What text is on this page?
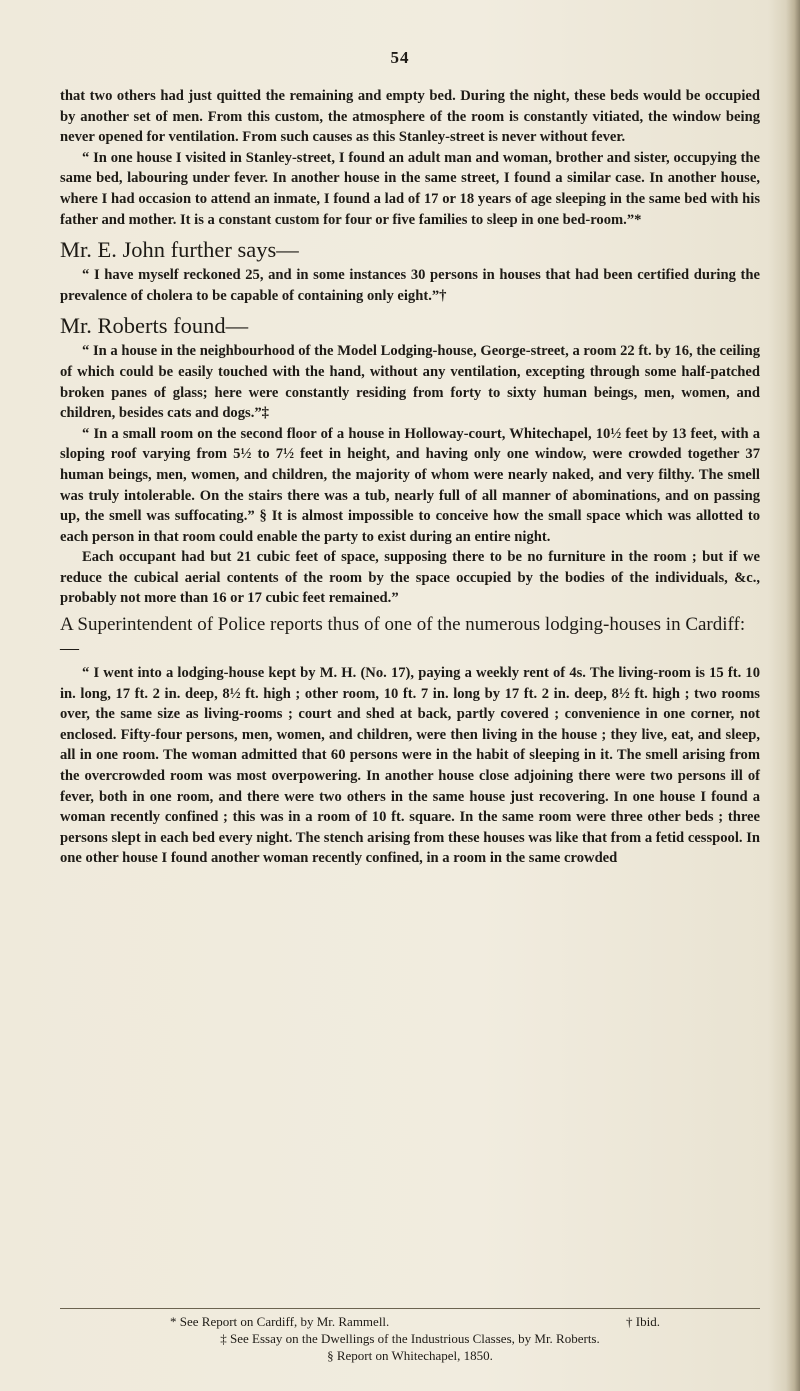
54

that two others had just quitted the remaining and empty bed. During the night, these beds would be occupied by another set of men. From this custom, the atmosphere of the room is constantly vitiated, the window being never opened for ventilation. From such causes as this Stanley-street is never without fever.

“ In one house I visited in Stanley-street, I found an adult man and woman, brother and sister, occupying the same bed, labouring under fever. In another house in the same street, I found a similar case. In another house, where I had occasion to attend an inmate, I found a lad of 17 or 18 years of age sleeping in the same bed with his father and mother. It is a constant custom for four or five families to sleep in one bed-room.”*

Mr. E. John further says—

“ I have myself reckoned 25, and in some instances 30 persons in houses that had been certified during the prevalence of cholera to be capable of containing only eight.”†

Mr. Roberts found—

“ In a house in the neighbourhood of the Model Lodging-house, George-street, a room 22 ft. by 16, the ceiling of which could be easily touched with the hand, without any ventilation, excepting through some half-patched broken panes of glass; here were constantly residing from forty to sixty human beings, men, women, and children, besides cats and dogs.”‡

“ In a small room on the second floor of a house in Holloway-court, Whitechapel, 10½ feet by 13 feet, with a sloping roof varying from 5½ to 7½ feet in height, and having only one window, were crowded together 37 human beings, men, women, and children, the majority of whom were nearly naked, and very filthy. The smell was truly intolerable. On the stairs there was a tub, nearly full of all manner of abominations, and on passing up, the smell was suffocating.” § It is almost impossible to conceive how the small space which was allotted to each person in that room could enable the party to exist during an entire night.

Each occupant had but 21 cubic feet of space, supposing there to be no furniture in the room ; but if we reduce the cubical aerial contents of the room by the space occupied by the bodies of the individuals, &c., probably not more than 16 or 17 cubic feet remained.”

A Superintendent of Police reports thus of one of the numerous lodging-houses in Cardiff:—

“ I went into a lodging-house kept by M. H. (No. 17), paying a weekly rent of 4s. The living-room is 15 ft. 10 in. long, 17 ft. 2 in. deep, 8½ ft. high ; other room, 10 ft. 7 in. long by 17 ft. 2 in. deep, 8½ ft. high ; two rooms over, the same size as living-rooms ; court and shed at back, partly covered ; convenience in one corner, not enclosed. Fifty-four persons, men, women, and children, were then living in the house ; they live, eat, and sleep, all in one room. The woman admitted that 60 persons were in the habit of sleeping in it. The smell arising from the overcrowded room was most overpowering. In another house close adjoining there were two persons ill of fever, both in one room, and there were two others in the same house just recovering. In one house I found a woman recently confined ; this was in a room of 10 ft. square. In the same room were three other beds ; three persons slept in each bed every night. The stench arising from these houses was like that from a fetid cesspool. In one other house I found another woman recently confined, in a room in the same crowded

* See Report on Cardiff, by Mr. Rammell.	† Ibid.
‡ See Essay on the Dwellings of the Industrious Classes, by Mr. Roberts.
§ Report on Whitechapel, 1850.
